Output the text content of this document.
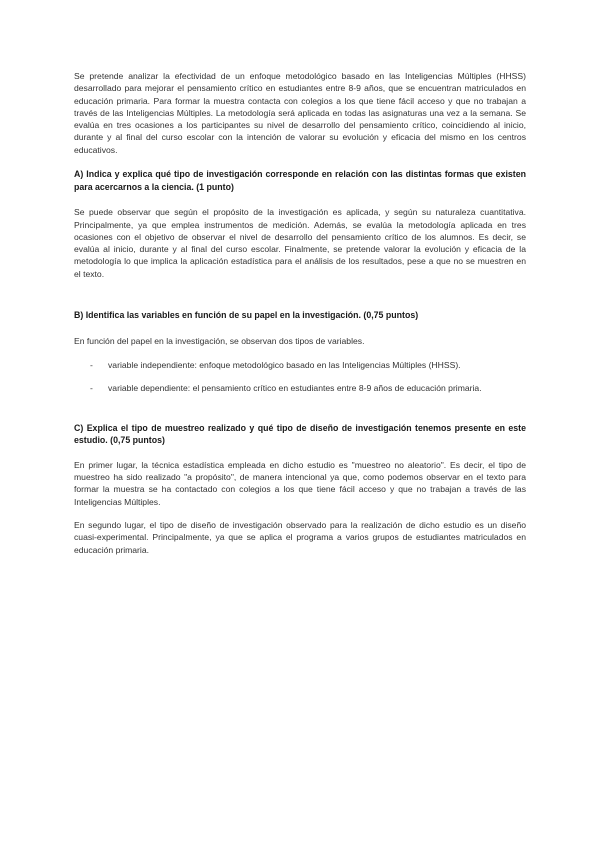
Se pretende analizar la efectividad de un enfoque metodológico basado en las Inteligencias Múltiples (HHSS) desarrollado para mejorar el pensamiento crítico en estudiantes entre 8-9 años, que se encuentran matriculados en educación primaria. Para formar la muestra contacta con colegios a los que tiene fácil acceso y que no trabajan a través de las Inteligencias Múltiples. La metodología será aplicada en todas las asignaturas una vez a la semana. Se evalúa en tres ocasiones a los participantes su nivel de desarrollo del pensamiento crítico, coincidiendo al inicio, durante y al final del curso escolar con la intención de valorar su evolución y eficacia del mismo en los centros educativos.

A) Indica y explica qué tipo de investigación corresponde en relación con las distintas formas que existen para acercarnos a la ciencia. (1 punto)

Se puede observar que según el propósito de la investigación es aplicada, y según su naturaleza cuantitativa. Principalmente, ya que emplea instrumentos de medición. Además, se evalúa la metodología aplicada en tres ocasiones con el objetivo de observar el nivel de desarrollo del pensamiento crítico de los alumnos. Es decir, se evalúa al inicio, durante y al final del curso escolar. Finalmente, se pretende valorar la evolución y eficacia de la metodología lo que implica la aplicación estadística para el análisis de los resultados, pese a que no se muestren en el texto.

B) Identifica las variables en función de su papel en la investigación. (0,75 puntos)

En función del papel en la investigación, se observan dos tipos de variables.

- variable independiente: enfoque metodológico basado en las Inteligencias Múltiples (HHSS).
- variable dependiente: el pensamiento crítico en estudiantes entre 8-9 años de educación primaria.
C) Explica el tipo de muestreo realizado y qué tipo de diseño de investigación tenemos presente en este estudio. (0,75 puntos)

En primer lugar, la técnica estadística empleada en dicho estudio es "muestreo no aleatorio". Es decir, el tipo de muestreo ha sido realizado "a propósito", de manera intencional ya que, como podemos observar en el texto para formar la muestra se ha contactado con colegios a los que tiene fácil acceso y que no trabajan a través de las Inteligencias Múltiples.

En segundo lugar, el tipo de diseño de investigación observado para la realización de dicho estudio es un diseño cuasi-experimental. Principalmente, ya que se aplica el programa a varios grupos de estudiantes matriculados en educación primaria.
